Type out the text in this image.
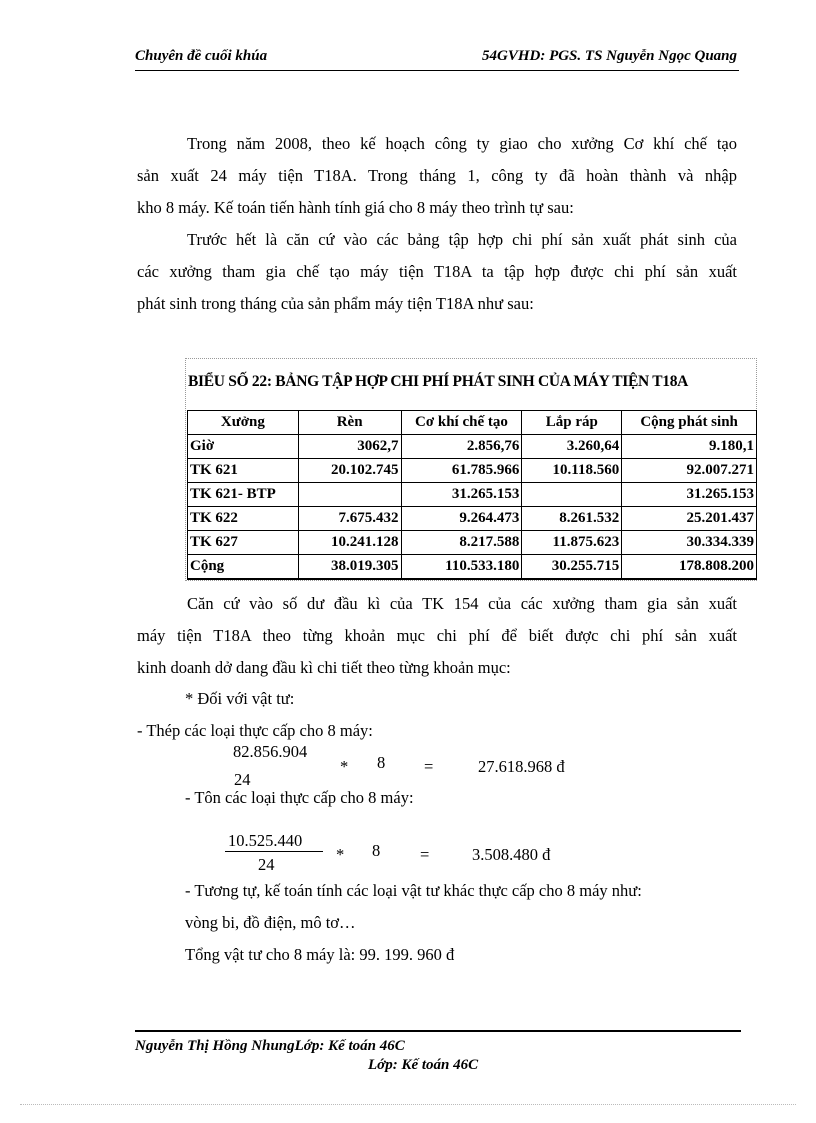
Chuyên đề cuối khúa	54GVHD: PGS. TS Nguyễn Ngọc Quang

Trong năm 2008, theo kế hoạch công ty giao cho xưởng Cơ khí chế tạo

sản xuất 24 máy tiện T18A. Trong tháng 1, công ty đã hoàn thành và nhập

kho 8 máy. Kế toán tiến hành tính giá cho 8 máy theo trình tự sau:

Trước hết là căn cứ vào các bảng tập hợp chi phí sản xuất phát sinh của

các xưởng tham gia chế tạo máy tiện T18A ta tập hợp được chi phí sản xuất

phát sinh trong tháng của sản phẩm máy tiện T18A như sau:

BIỂU SỐ 22: BẢNG TẬP HỢP CHI PHÍ PHÁT SINH CỦA MÁY TIỆN T18A
Xưởng	Rèn	Cơ khí chế tạo	Lắp ráp	Cộng phát sinh
Giờ	3062,7	2.856,76	3.260,64	9.180,1
TK 621	20.102.745	61.785.966	10.118.560	92.007.271
TK 621- BTP		31.265.153		31.265.153
TK 622	7.675.432	9.264.473	8.261.532	25.201.437
TK 627	10.241.128	8.217.588	11.875.623	30.334.339
Cộng	38.019.305	110.533.180	30.255.715	178.808.200

Căn cứ vào số dư đầu kì của TK 154 của các xưởng tham gia sản xuất

máy tiện T18A theo từng khoản mục chi phí để biết được chi phí sản xuất

kinh doanh dở dang đầu kì chi tiết theo từng khoản mục:

* Đối với vật tư:
- Thép các loại thực cấp cho 8 máy:
82.856.904
24
* 8 =	27.618.968 đ
- Tôn các loại thực cấp cho 8 máy:
10.525.440
24
* 8 =	3.508.480 đ
- Tương tự, kế toán tính các loại vật tư khác thực cấp cho 8 máy như:
vòng bi, đồ điện, mô tơ…
Tổng vật tư cho 8 máy là: 99. 199. 960 đ
Nguyễn Thị Hồng NhungLớp: Kế toán 46C
Lớp: Kế toán 46C
